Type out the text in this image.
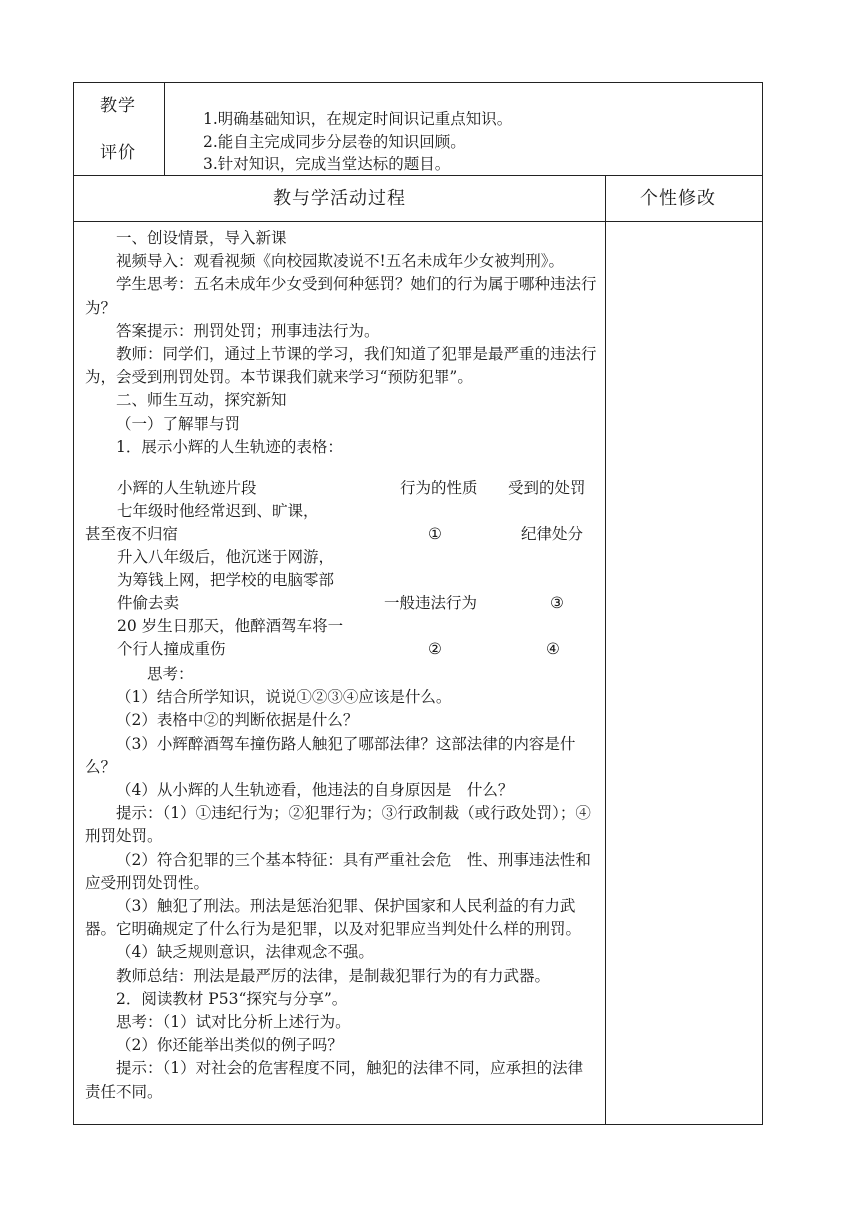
教学
评价
1.明确基础知识，在规定时间识记重点知识。
2.能自主完成同步分层卷的知识回顾。
3.针对知识，完成当堂达标的题目。
教与学活动过程	个性修改

一、创设情景，导入新课

视频导入：观看视频《向校园欺凌说不!五名未成年少女被判刑》。

学生思考：五名未成年少女受到何种惩罚？她们的行为属于哪种违法行为？

答案提示：刑罚处罚；刑事违法行为。

教师：同学们，通过上节课的学习，我们知道了犯罪是最严重的违法行为，会受到刑罚处罚。本节课我们就来学习“预防犯罪”。

二、师生互动，探究新知

（一）了解罪与罚

1．展示小辉的人生轨迹的表格：

小辉的人生轨迹片段	行为的性质 受到的处罚
七年级时他经常迟到、旷课，
甚至夜不归宿	①	纪律处分
升入八年级后，他沉迷于网游，
为筹钱上网，把学校的电脑零部
件偷去卖	一般违法行为	③
20 岁生日那天，他醉酒驾车将一
个行人撞成重伤	②	④

思考：

（1）结合所学知识，说说①②③④应该是什么。

（2）表格中②的判断依据是什么？

（3）小辉醉酒驾车撞伤路人触犯了哪部法律？这部法律的内容是什么？

（4）从小辉的人生轨迹看，他违法的自身原因是　什么？

提示：（1）①违纪行为；②犯罪行为；③行政制裁（或行政处罚）；④刑罚处罚。

（2）符合犯罪的三个基本特征：具有严重社会危　性、刑事违法性和应受刑罚处罚性。

（3）触犯了刑法。刑法是惩治犯罪、保护国家和人民利益的有力武器。它明确规定了什么行为是犯罪，以及对犯罪应当判处什么样的刑罚。

（4）缺乏规则意识，法律观念不强。

教师总结：刑法是最严厉的法律，是制裁犯罪行为的有力武器。

2．阅读教材 P53“探究与分享”。

思考：（1）试对比分析上述行为。

（2）你还能举出类似的例子吗？

提示：（1）对社会的危害程度不同，触犯的法律不同，应承担的法律责任不同。
